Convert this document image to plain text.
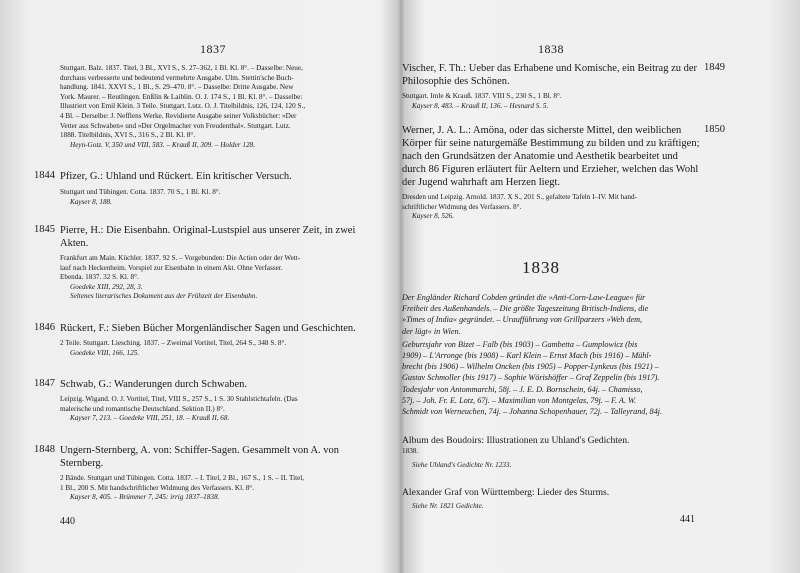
1837
Stuttgart. Balz. 1837. Titel, 3 Bl., XVI S., S. 27–362, 1 Bl. Kl. 8°. – Dasselbe: Neue,
durchaus verbesserte und bedeutend vermehrte Ausgabe. Ulm. Stettin'sche Buch-
handlung. 1841. XXVI S., 1 Bl., S. 29–470. 8°. – Dasselbe: Dritte Ausgabe. New
York. Maurer. – Reutlingen. Enßlin & Laiblin. O. J. 174 S., 1 Bl. Kl. 8°. – Dasselbe:
Illustriert von Emil Klein. 3 Teile. Stuttgart. Lutz. O. J. Titelbildnis, 126, 124, 120 S.,
4 Bl. – Derselbe: J. Nefflens Werke. Revidierte Ausgabe seiner Volksbücher: »Der
Vetter aus Schwaben« und »Der Orgelmacher von Freudenthal«. Stuttgart. Lutz.
1888. Titelbildnis, XVI S., 316 S., 2 Bl. Kl. 8°.
Heyn-Gotz. V, 350 und VIII, 583. – Krauß II, 309. – Holder 128.
1844 Pfizer, G.: Uhland und Rückert. Ein kritischer Versuch.
Stuttgart und Tübingen. Cotta. 1837. 70 S., 1 Bl. Kl. 8°.
Kayser 8, 188.
1845 Pierre, H.: Die Eisenbahn. Original-Lustspiel aus unserer Zeit, in zwei
Akten.
Frankfurt am Main. Küchler. 1837. 92 S. – Vorgebunden: Die Actien oder der Wett-
lauf nach Heckenheim. Vorspiel zur Eisenbahn in einem Akt. Ohne Verfasser.
Ebenda. 1837. 32 S. Kl. 8°.
Goedeke XIII, 292, 28, 3.
Seltenes literarisches Dokument aus der Frühzeit der Eisenbahn.
1846 Rückert, F.: Sieben Bücher Morgenländischer Sagen und Geschichten.
2 Teile. Stuttgart. Liesching. 1837. – Zweimal Vortitel, Titel, 264 S., 348 S. 8°.
Goedeke VIII, 166, 125.
1847 Schwab, G.: Wanderungen durch Schwaben.
Leipzig. Wigand. O. J. Vortitel, Titel, VIII S., 257 S., 1 S. 30 Stahlstichtafeln. (Das
malerische und romantische Deutschland. Sektion II.) 8°.
Kayser 7, 213. – Goedeke VIII, 251, 18. – Krauß II, 68.
1848 Ungern-Sternberg, A. von: Schiffer-Sagen. Gesammelt von A. von
Sternberg.
2 Bände. Stuttgart und Tübingen. Cotta. 1837. – I. Titel, 2 Bl., 167 S., 1 S. – II. Titel,
1 Bl., 200 S. Mit handschriftlicher Widmung des Verfassers. Kl. 8°.
Kayser 8, 405. – Brümmer 7, 245: irrig 1837–1838.
440
1838
1849
Vischer, F. Th.: Ueber das Erhabene und Komische, ein Beitrag zu der
Philosophie des Schönen.
Stuttgart. Imle & Krauß. 1837. VIII S., 230 S., 1 Bl. 8°.
Kayser 8, 483. – Krauß II, 136. – Hesnard S. 5.
1850
Werner, J. A. L.: Amöna, oder das sicherste Mittel, den weiblichen
Körper für seine naturgemäße Bestimmung zu bilden und zu kräftigen;
nach den Grundsätzen der Anatomie und Aesthetik bearbeitet und
durch 86 Figuren erläutert für Aeltern und Erzieher, welchen das Wohl
der Jugend wahrhaft am Herzen liegt.
Dresden und Leipzig. Arnold. 1837. X S., 201 S., gefaltete Tafeln I–IV. Mit hand-
schriftlicher Widmung des Verfassers. 8°.
Kayser 8, 526.
1838
Der Engländer Richard Cobden gründet die »Anti-Corn-Law-League« für
Freiheit des Außenhandels. – Die größte Tageszeitung Britisch-Indiens, die
»Times of India« gegründet. – Uraufführung von Grillparzers »Weh dem,
der lügt« in Wien.
Geburtsjahr von Bizet – Falb (bis 1903) – Gambetta – Gumplowicz (bis
1909) – L'Arronge (bis 1908) – Karl Klein – Ernst Mach (bis 1916) – Mühl-
brecht (bis 1906) – Wilhelm Oncken (bis 1905) – Popper-Lynkeus (bis 1921) –
Gustav Schmoller (bis 1917) – Sophie Wörishöffer – Graf Zeppelin (bis 1917).
Todesjahr von Antommarchi, 58j. – J. E. D. Bornschein, 64j. – Chamisso,
57j. – Joh. Fr. E. Lotz, 67j. – Maximilian von Montgelas, 79j. – F. A. W.
Schmidt von Werneuchen, 74j. – Johanna Schopenhauer, 72j. – Talleyrand, 84j.
Album des Boudoirs: Illustrationen zu Uhland's Gedichten.
1838.
Siehe Uhland's Gedichte Nr. 1233.
Alexander Graf von Württemberg: Lieder des Sturms.
Siehe Nr. 1821 Gedichte.
441
